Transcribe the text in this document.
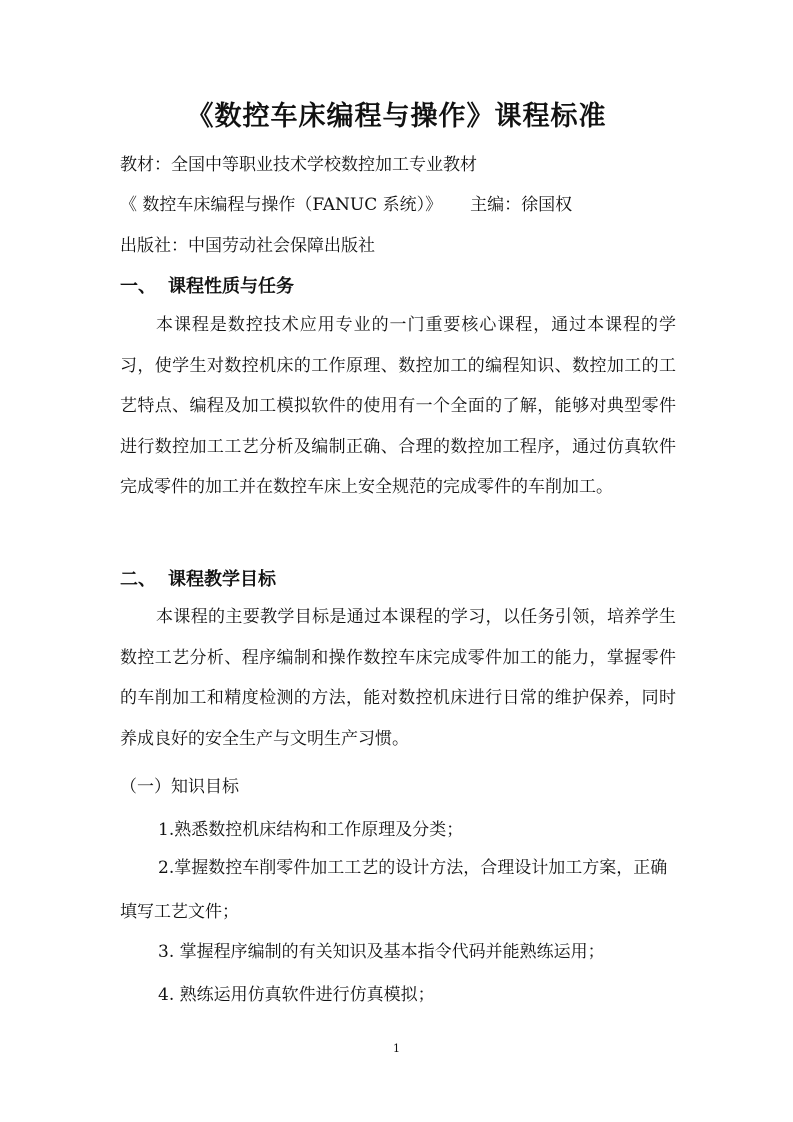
《数控车床编程与操作》课程标准
教材：全国中等职业技术学校数控加工专业教材
《 数控车床编程与操作（FANUC 系统）》 主编：徐国权
出版社：中国劳动社会保障出版社
一、 课程性质与任务

本课程是数控技术应用专业的一门重要核心课程，通过本课程的学习，使学生对数控机床的工作原理、数控加工的编程知识、数控加工的工艺特点、编程及加工模拟软件的使用有一个全面的了解，能够对典型零件进行数控加工工艺分析及编制正确、合理的数控加工程序，通过仿真软件完成零件的加工并在数控车床上安全规范的完成零件的车削加工。

二、 课程教学目标

本课程的主要教学目标是通过本课程的学习，以任务引领，培养学生数控工艺分析、程序编制和操作数控车床完成零件加工的能力，掌握零件的车削加工和精度检测的方法，能对数控机床进行日常的维护保养，同时养成良好的安全生产与文明生产习惯。

（一）知识目标
1.熟悉数控机床结构和工作原理及分类；

2.掌握数控车削零件加工工艺的设计方法，合理设计加工方案，正确填写工艺文件；

3. 掌握程序编制的有关知识及基本指令代码并能熟练运用；
4. 熟练运用仿真软件进行仿真模拟；
1
